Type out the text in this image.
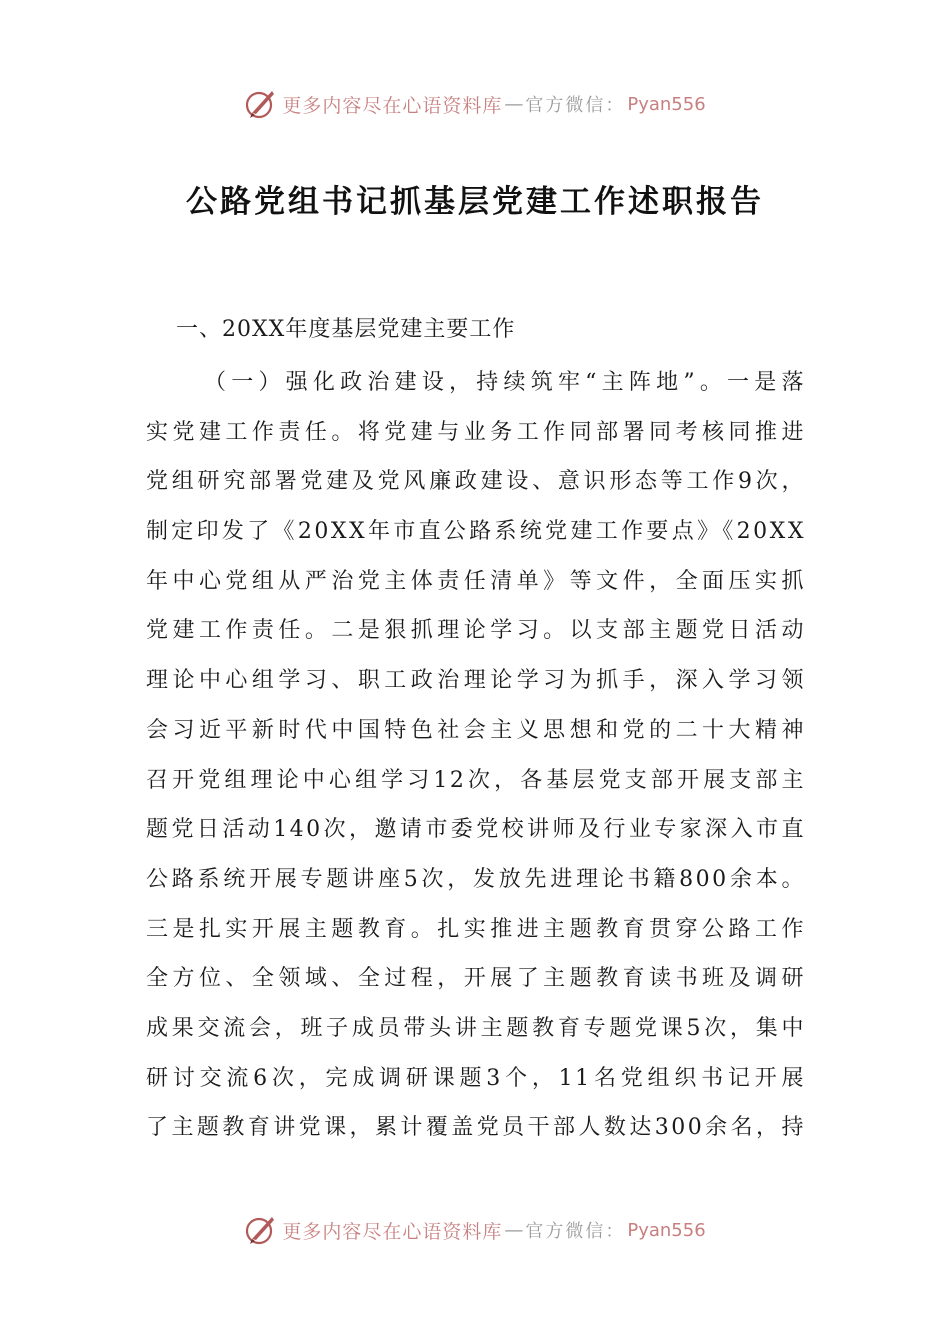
更多内容尽在心语资料库 — 官方微信： Pyan556
公路党组书记抓基层党建工作述职报告
一、20XX年度基层党建主要工作
（一）强化政治建设，持续筑牢“主阵地”。一是落
实党建工作责任。将党建与业务工作同部署同考核同推进
党组研究部署党建及党风廉政建设、意识形态等工作9次，
制定印发了《20XX年市直公路系统党建工作要点》《20XX
年中心党组从严治党主体责任清单》等文件，全面压实抓
党建工作责任。二是狠抓理论学习。以支部主题党日活动
理论中心组学习、职工政治理论学习为抓手，深入学习领
会习近平新时代中国特色社会主义思想和党的二十大精神
召开党组理论中心组学习12次，各基层党支部开展支部主
题党日活动140次，邀请市委党校讲师及行业专家深入市直
公路系统开展专题讲座5次，发放先进理论书籍800余本。
三是扎实开展主题教育。扎实推进主题教育贯穿公路工作
全方位、全领域、全过程，开展了主题教育读书班及调研
成果交流会，班子成员带头讲主题教育专题党课5次，集中
研讨交流6次，完成调研课题3个，11名党组织书记开展
了主题教育讲党课，累计覆盖党员干部人数达300余名，持
更多内容尽在心语资料库 — 官方微信： Pyan556
